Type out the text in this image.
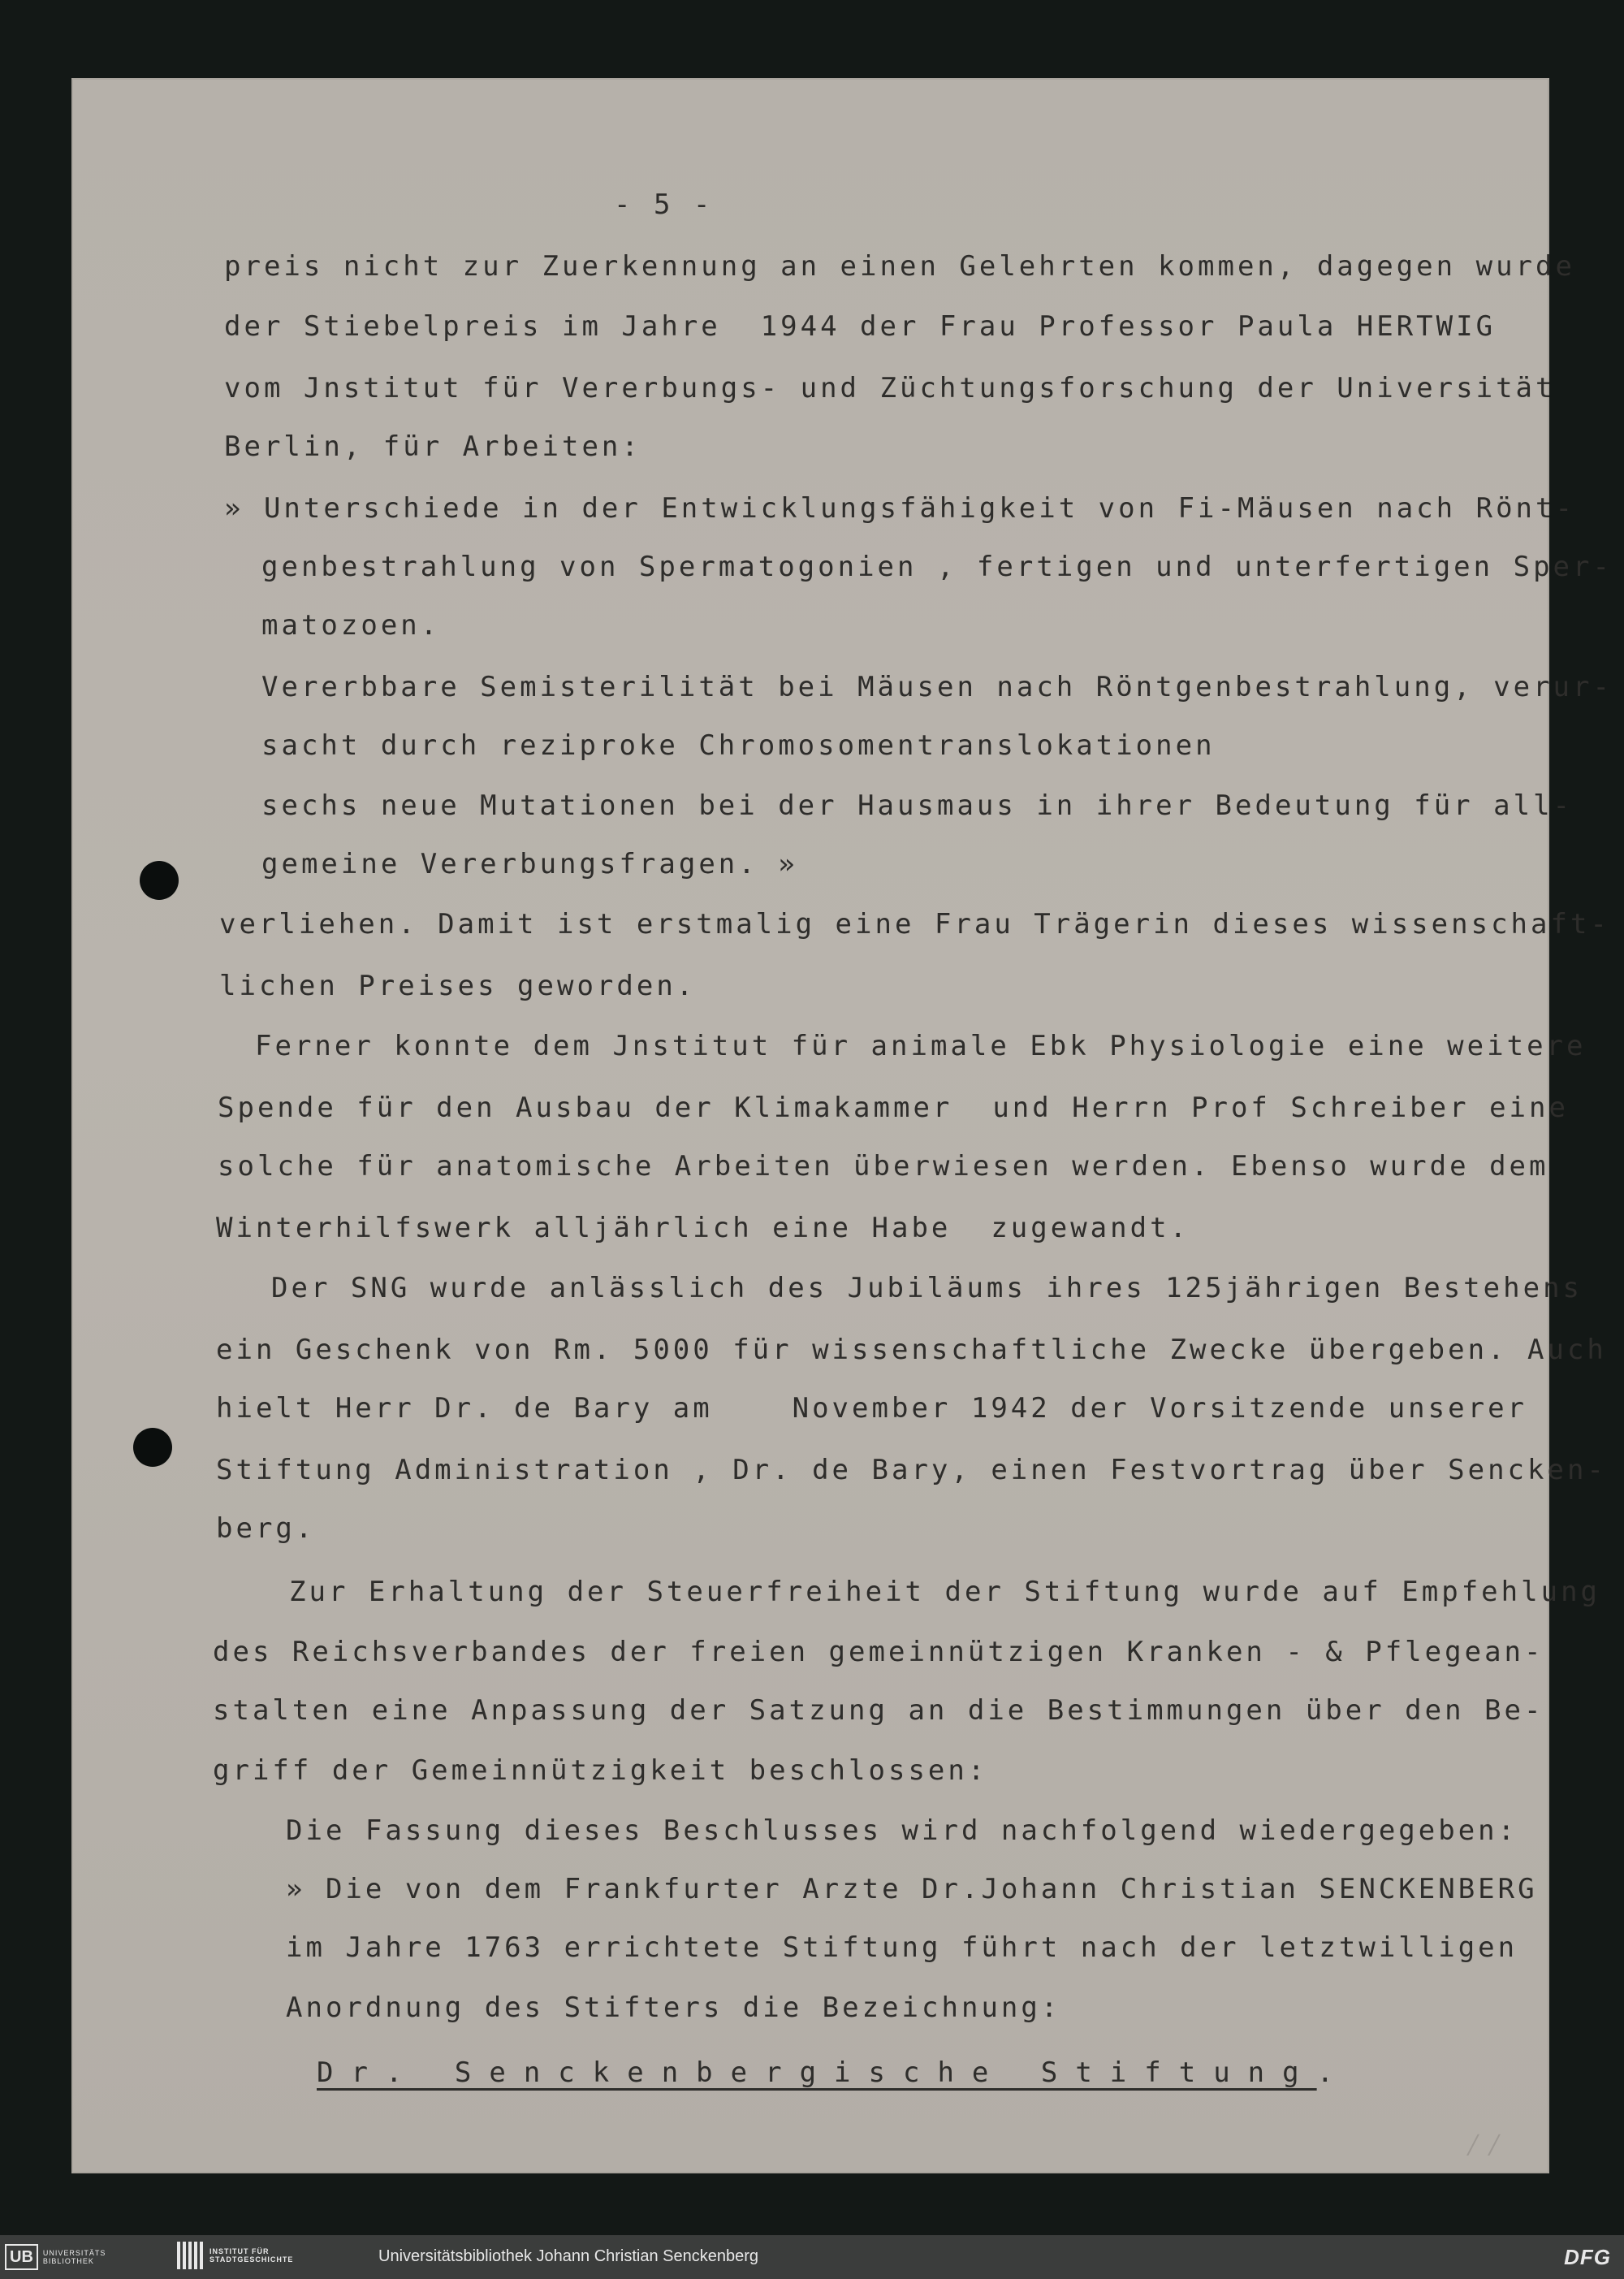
- 5 -

preis nicht zur Zuerkennung an einen Gelehrten kommen, dagegen wurde

der Stiebelpreis im Jahre  1944 der Frau Professor Paula HERTWIG

vom Jnstitut für Vererbungs- und Züchtungsforschung der Universität

Berlin, für Arbeiten:

» Unterschiede in der Entwicklungsfähigkeit von Fi-Mäusen nach Rönt-

genbestrahlung von Spermatogonien , fertigen und unterfertigen Sper-

matozoen.

Vererbbare Semisterilität bei Mäusen nach Röntgenbestrahlung, verur-

sacht durch reziproke Chromosomentranslokationen

sechs neue Mutationen bei der Hausmaus in ihrer Bedeutung für all-

gemeine Vererbungsfragen. »

verliehen. Damit ist erstmalig eine Frau Trägerin dieses wissenschaft-

lichen Preises geworden.

Ferner konnte dem Jnstitut für animale Ebk Physiologie eine weitere

Spende für den Ausbau der Klimakammer  und Herrn Prof Schreiber eine

solche für anatomische Arbeiten überwiesen werden. Ebenso wurde dem

Winterhilfswerk alljährlich eine Habe  zugewandt.

Der SNG wurde anlässlich des Jubiläums ihres 125jährigen Bestehens

ein Geschenk von Rm. 5000 für wissenschaftliche Zwecke übergeben. Auch

hielt Herr Dr. de Bary am    November 1942 der Vorsitzende unserer

Stiftung Administration , Dr. de Bary, einen Festvortrag über Sencken-

berg.

Zur Erhaltung der Steuerfreiheit der Stiftung wurde auf Empfehlung

des Reichsverbandes der freien gemeinnützigen Kranken - & Pflegean-

stalten eine Anpassung der Satzung an die Bestimmungen über den Be-

griff der Gemeinnützigkeit beschlossen:

Die Fassung dieses Beschlusses wird nachfolgend wiedergegeben:

» Die von dem Frankfurter Arzte Dr.Johann Christian SENCKENBERG

im Jahre 1763 errichtete Stiftung führt nach der letztwilligen

Anordnung des Stifters die Bezeichnung:

Dr. Senckenbergische Stiftung.

⁄⁄
UB	UNIVERSITÄTS BIBLIOTHEK
INSTITUT FÜR STADTGESCHICHTE	Universitätsbibliothek Johann Christian Senckenberg	DFG
